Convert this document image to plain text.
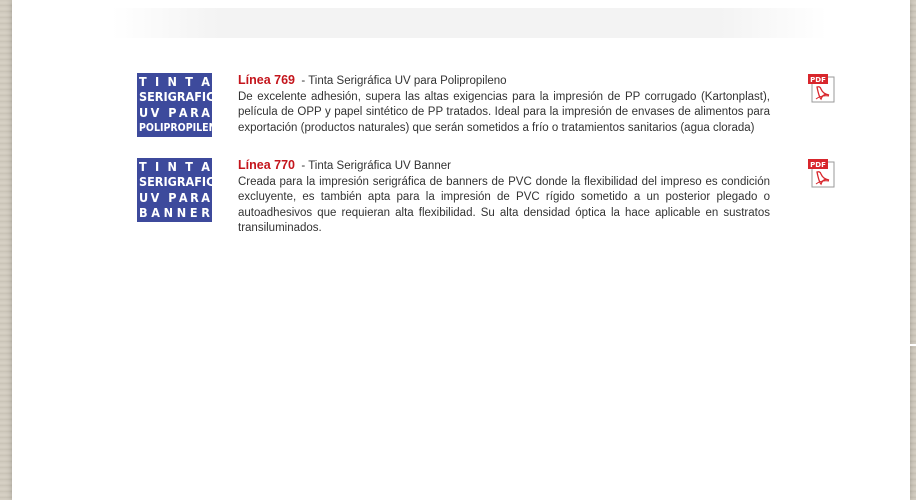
T I N T A
SERIGRAFICA
U V
P A R A
POLIPROPILENO
Línea 769 - Tinta Serigráfica UV para Polipropileno
De excelente adhesión, supera las altas exigencias para la impresión de PP corrugado (Kartonplast), película de OPP y papel sintético de PP tratados. Ideal para la impresión de envases de alimentos para exportación (productos naturales) que serán sometidos a frío o tratamientos sanitarios (agua clorada)
PDF
T I N T A
SERIGRAFICA
U V
P A R A
B A N N E R
Línea 770 - Tinta Serigráfica UV Banner
Creada para la impresión serigráfica de banners de PVC donde la flexibilidad del impreso es condición excluyente, es también apta para la impresión de PVC rígido sometido a un posterior plegado o autoadhesivos que requieran alta flexibilidad. Su alta densidad óptica la hace aplicable en sustratos transiluminados.
PDF
